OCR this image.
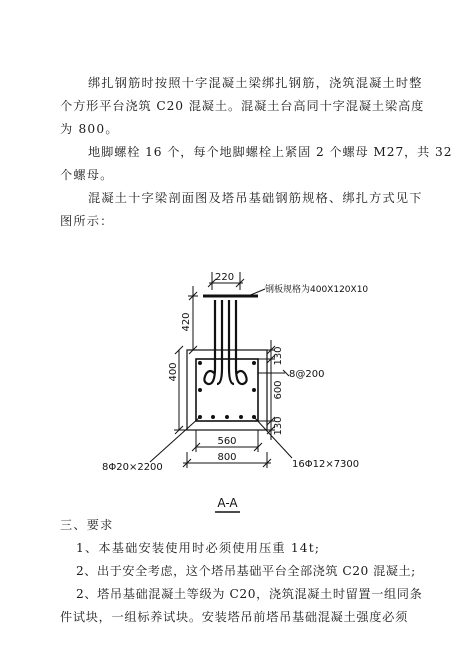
绑扎钢筋时按照十字混凝土梁绑扎钢筋，浇筑混凝土时整
个方形平台浇筑 C20 混凝土。混凝土台高同十字混凝土梁高度
为 800。
地脚螺栓 16 个，每个地脚螺栓上紧固 2 个螺母 M27，共 32
个螺母。
混凝土十字梁剖面图及塔吊基础钢筋规格、绑扎方式见下
图所示：
220
420
400
130
600
130
560
800
8@200
8Φ20×2200	16Φ12×7300
钢板规格为400X120X10
A-A
三、要求
1、本基础安装使用时必须使用压重 14t;
2、出于安全考虑，这个塔吊基础平台全部浇筑 C20 混凝土;
2、塔吊基础混凝土等级为 C20，浇筑混凝土时留置一组同条
件试块，一组标养试块。安装塔吊前塔吊基础混凝土强度必须
